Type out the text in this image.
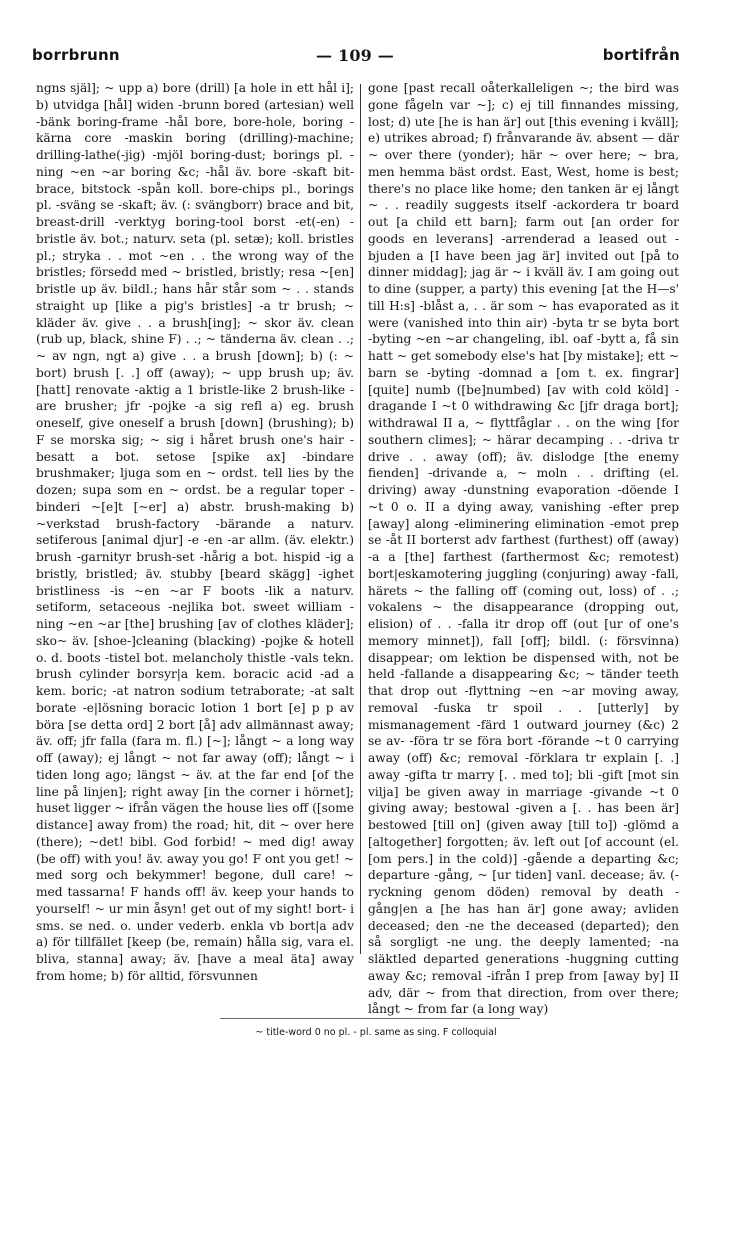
borrbrunn	— 109 —	bortifrån

ngns själ]; ~ upp a) bore (drill) [a hole in ett hål i]; b) utvidga [hål] widen -brunn bored (artesian) well -bänk boring-frame -hål bore, bore-hole, boring -kärna core -maskin boring (drilling)-machine; drilling-lathe(-jig) -mjöl boring-dust; borings pl. -ning ~en ~ar boring &c; -hål äv. bore -skaft bit-brace, bitstock -spån koll. bore-chips pl., borings pl. -sväng se -skaft; äv. (: svängborr) brace and bit, breast-drill -verktyg boring-tool borst -et(-en) - bristle äv. bot.; naturv. seta (pl. setæ); koll. bristles pl.; stryka . . mot ~en . . the wrong way of the bristles; försedd med ~ bristled, bristly; resa ~[en] bristle up äv. bildl.; hans hår står som ~ . . stands straight up [like a pig's bristles] -a tr brush; ~ kläder äv. give . . a brush[ing]; ~ skor äv. clean (rub up, black, shine F) . .; ~ tänderna äv. clean . .; ~ av ngn, ngt a) give . . a brush [down]; b) (: ~ bort) brush [. .] off (away); ~ upp brush up; äv. [hatt] renovate -aktig a 1 bristle-like 2 brush-like -are brusher; jfr -pojke -a sig refl a) eg. brush oneself, give oneself a brush [down] (brushing); b) F se morska sig; ~ sig i håret brush one's hair -besatt a bot. setose [spike ax] -bindare brushmaker; ljuga som en ~ ordst. tell lies by the dozen; supa som en ~ ordst. be a regular toper -binderi ~[e]t [~er] a) abstr. brush-making b) ~verkstad brush-factory -bärande a naturv. setiferous [animal djur] -e -en -ar allm. (äv. elektr.) brush -garnityr brush-set -hårig a bot. hispid -ig a bristly, bristled; äv. stubby [beard skägg] -ighet bristliness -is ~en ~ar F boots -lik a naturv. setiform, setaceous -nejlika bot. sweet william -ning ~en ~ar [the] brushing [av of clothes kläder]; sko~ äv. [shoe-]cleaning (blacking) -pojke & hotell o. d. boots -tistel bot. melancholy thistle -vals tekn. brush cylinder borsyr|a kem. boracic acid -ad a kem. boric; -at natron sodium tetraborate; -at salt borate -e|lösning boracic lotion 1 bort [e] p p av böra [se detta ord] 2 bort [å] adv allmännast away; äv. off; jfr falla (fara m. fl.) [~]; långt ~ a long way off (away); ej långt ~ not far away (off); långt ~ i tiden long ago; längst ~ äv. at the far end [of the line på linjen]; right away [in the corner i hörnet]; huset ligger ~ ifrån vägen the house lies off ([some distance] away from) the road; hit, dit ~ over here (there); ~det! bibl. God forbid! ~ med dig! away (be off) with you! äv. away you go! F ont you get! ~ med sorg och bekymmer! begone, dull care! ~ med tassarna! F hands off! äv. keep your hands to yourself! ~ ur min åsyn! get out of my sight! bort- i sms. se ned. o. under vederb. enkla vb bort|a adv a) för tillfället [keep (be, remain) hålla sig, vara el. bliva, stanna] away; äv. [have a meal äta] away from home; b) för alltid, försvunnen

gone [past recall oåterkalleligen ~; the bird was gone fågeln var ~]; c) ej till finnandes missing, lost; d) ute [he is han är] out [this evening i kväll]; e) utrikes abroad; f) frånvarande äv. absent — där ~ over there (yonder); här ~ over here; ~ bra, men hemma bäst ordst. East, West, home is best; there's no place like home; den tanken är ej långt ~ . . readily suggests itself -ackordera tr board out [a child ett barn]; farm out [an order for goods en leverans] -arrenderad a leased out -bjuden a [I have been jag är] invited out [på to dinner middag]; jag är ~ i kväll äv. I am going out to dine (supper, a party) this evening [at the H—s' till H:s] -blåst a, . . är som ~ has evaporated as it were (vanished into thin air) -byta tr se byta bort -byting ~en ~ar changeling, ibl. oaf -bytt a, få sin hatt ~ get somebody else's hat [by mistake]; ett ~ barn se -byting -domnad a [om t. ex. fingrar] [quite] numb ([be]numbed) [av with cold köld] -dragande I ~t 0 withdrawing &c [jfr draga bort]; withdrawal II a, ~ flyttfåglar . . on the wing [for southern climes]; ~ härar decamping . . -driva tr drive . . away (off); äv. dislodge [the enemy fienden] -drivande a, ~ moln . . drifting (el. driving) away -dunstning evaporation -döende I ~t 0 o. II a dying away, vanishing -efter prep [away] along -eliminering elimination -emot prep se -åt II borterst adv farthest (furthest) off (away) -a a [the] farthest (farthermost &c; remotest) bort|eskamotering juggling (conjuring) away -fall, härets ~ the falling off (coming out, loss) of . .; vokalens ~ the disappearance (dropping out, elision) of . . -falla itr drop off (out [ur of one's memory minnet]), fall [off]; bildl. (: försvinna) disappear; om lektion be dispensed with, not be held -fallande a disappearing &c; ~ tänder teeth that drop out -flyttning ~en ~ar moving away, removal -fuska tr spoil . . [utterly] by mismanagement -färd 1 outward journey (&c) 2 se av- -föra tr se föra bort -förande ~t 0 carrying away (off) &c; removal -förklara tr explain [. .] away -gifta tr marry [. . med to]; bli -gift [mot sin vilja] be given away in marriage -givande ~t 0 giving away; bestowal -given a [. . has been är] bestowed [till on] (given away [till to]) -glömd a [altogether] forgotten; äv. left out [of account (el. [om pers.] in the cold)] -gående a departing &c; departure -gång, ~ [ur tiden] vanl. decease; äv. (-ryckning genom döden) removal by death -gång|en a [he has han är] gone away; avliden deceased; den -ne the deceased (departed); den så sorgligt -ne ung. the deeply lamented; -na släktled departed generations -huggning cutting away &c; removal -ifrån I prep from [away by] II adv, där ~ from that direction, from over there; långt ~ from far (a long way)

~ title-word 0 no pl. - pl. same as sing. F colloquial
